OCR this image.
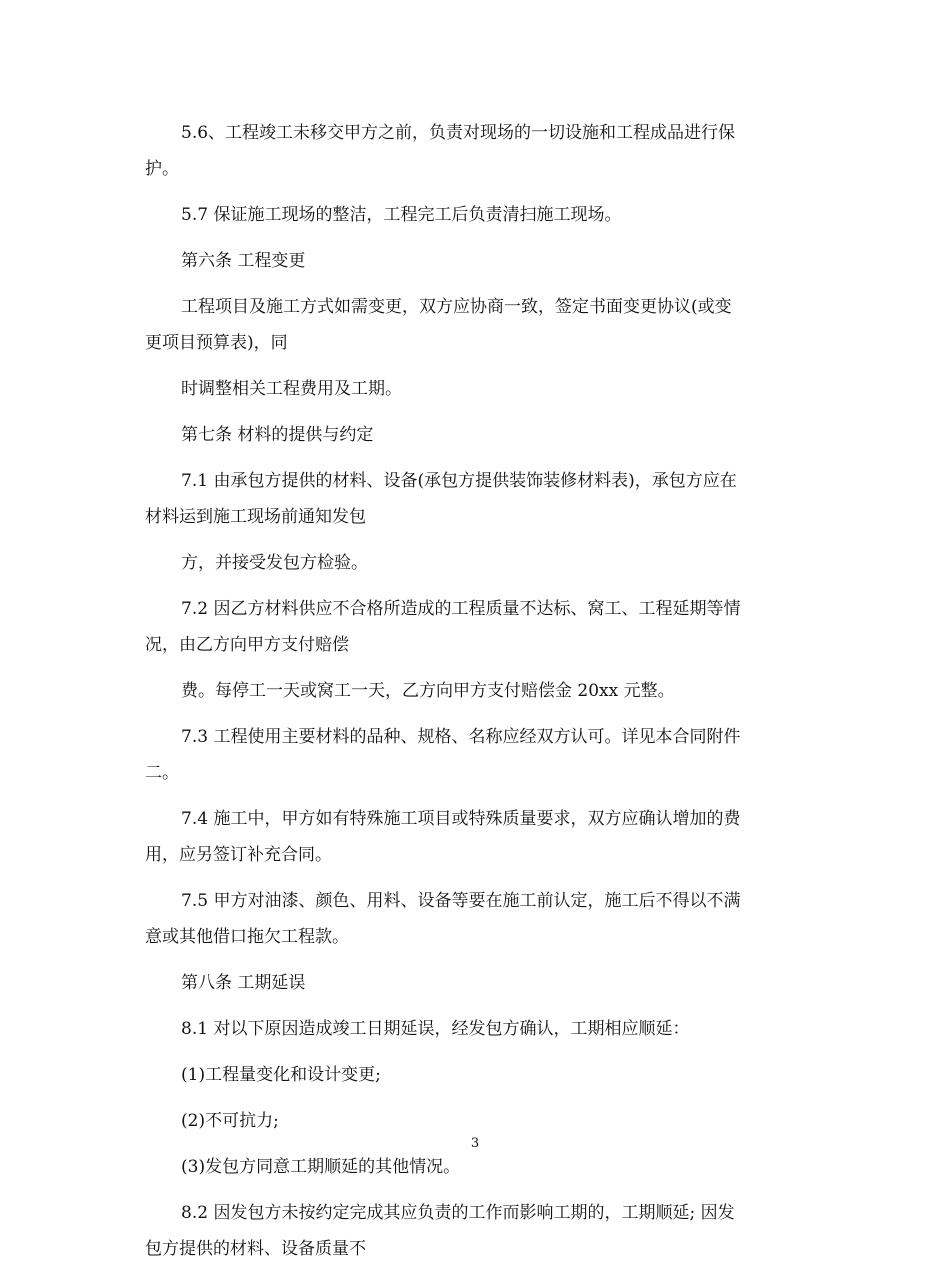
5.6、工程竣工未移交甲方之前，负责对现场的一切设施和工程成品进行保
护。

5.7 保证施工现场的整洁，工程完工后负责清扫施工现场。

第六条 工程变更

工程项目及施工方式如需变更，双方应协商一致，签定书面变更协议(或变
更项目预算表)，同

时调整相关工程费用及工期。

第七条 材料的提供与约定

7.1 由承包方提供的材料、设备(承包方提供装饰装修材料表)，承包方应在
材料运到施工现场前通知发包

方，并接受发包方检验。

7.2 因乙方材料供应不合格所造成的工程质量不达标、窝工、工程延期等情
况，由乙方向甲方支付赔偿

费。每停工一天或窝工一天，乙方向甲方支付赔偿金 20xx 元整。

7.3 工程使用主要材料的品种、规格、名称应经双方认可。详见本合同附件
二。

7.4 施工中，甲方如有特殊施工项目或特殊质量要求，双方应确认增加的费
用，应另签订补充合同。

7.5 甲方对油漆、颜色、用料、设备等要在施工前认定，施工后不得以不满
意或其他借口拖欠工程款。

第八条 工期延误

8.1 对以下原因造成竣工日期延误，经发包方确认，工期相应顺延：

(1)工程量变化和设计变更;

(2)不可抗力;

(3)发包方同意工期顺延的其他情况。

8.2 因发包方未按约定完成其应负责的工作而影响工期的，工期顺延; 因发
包方提供的材料、设备质量不

3
